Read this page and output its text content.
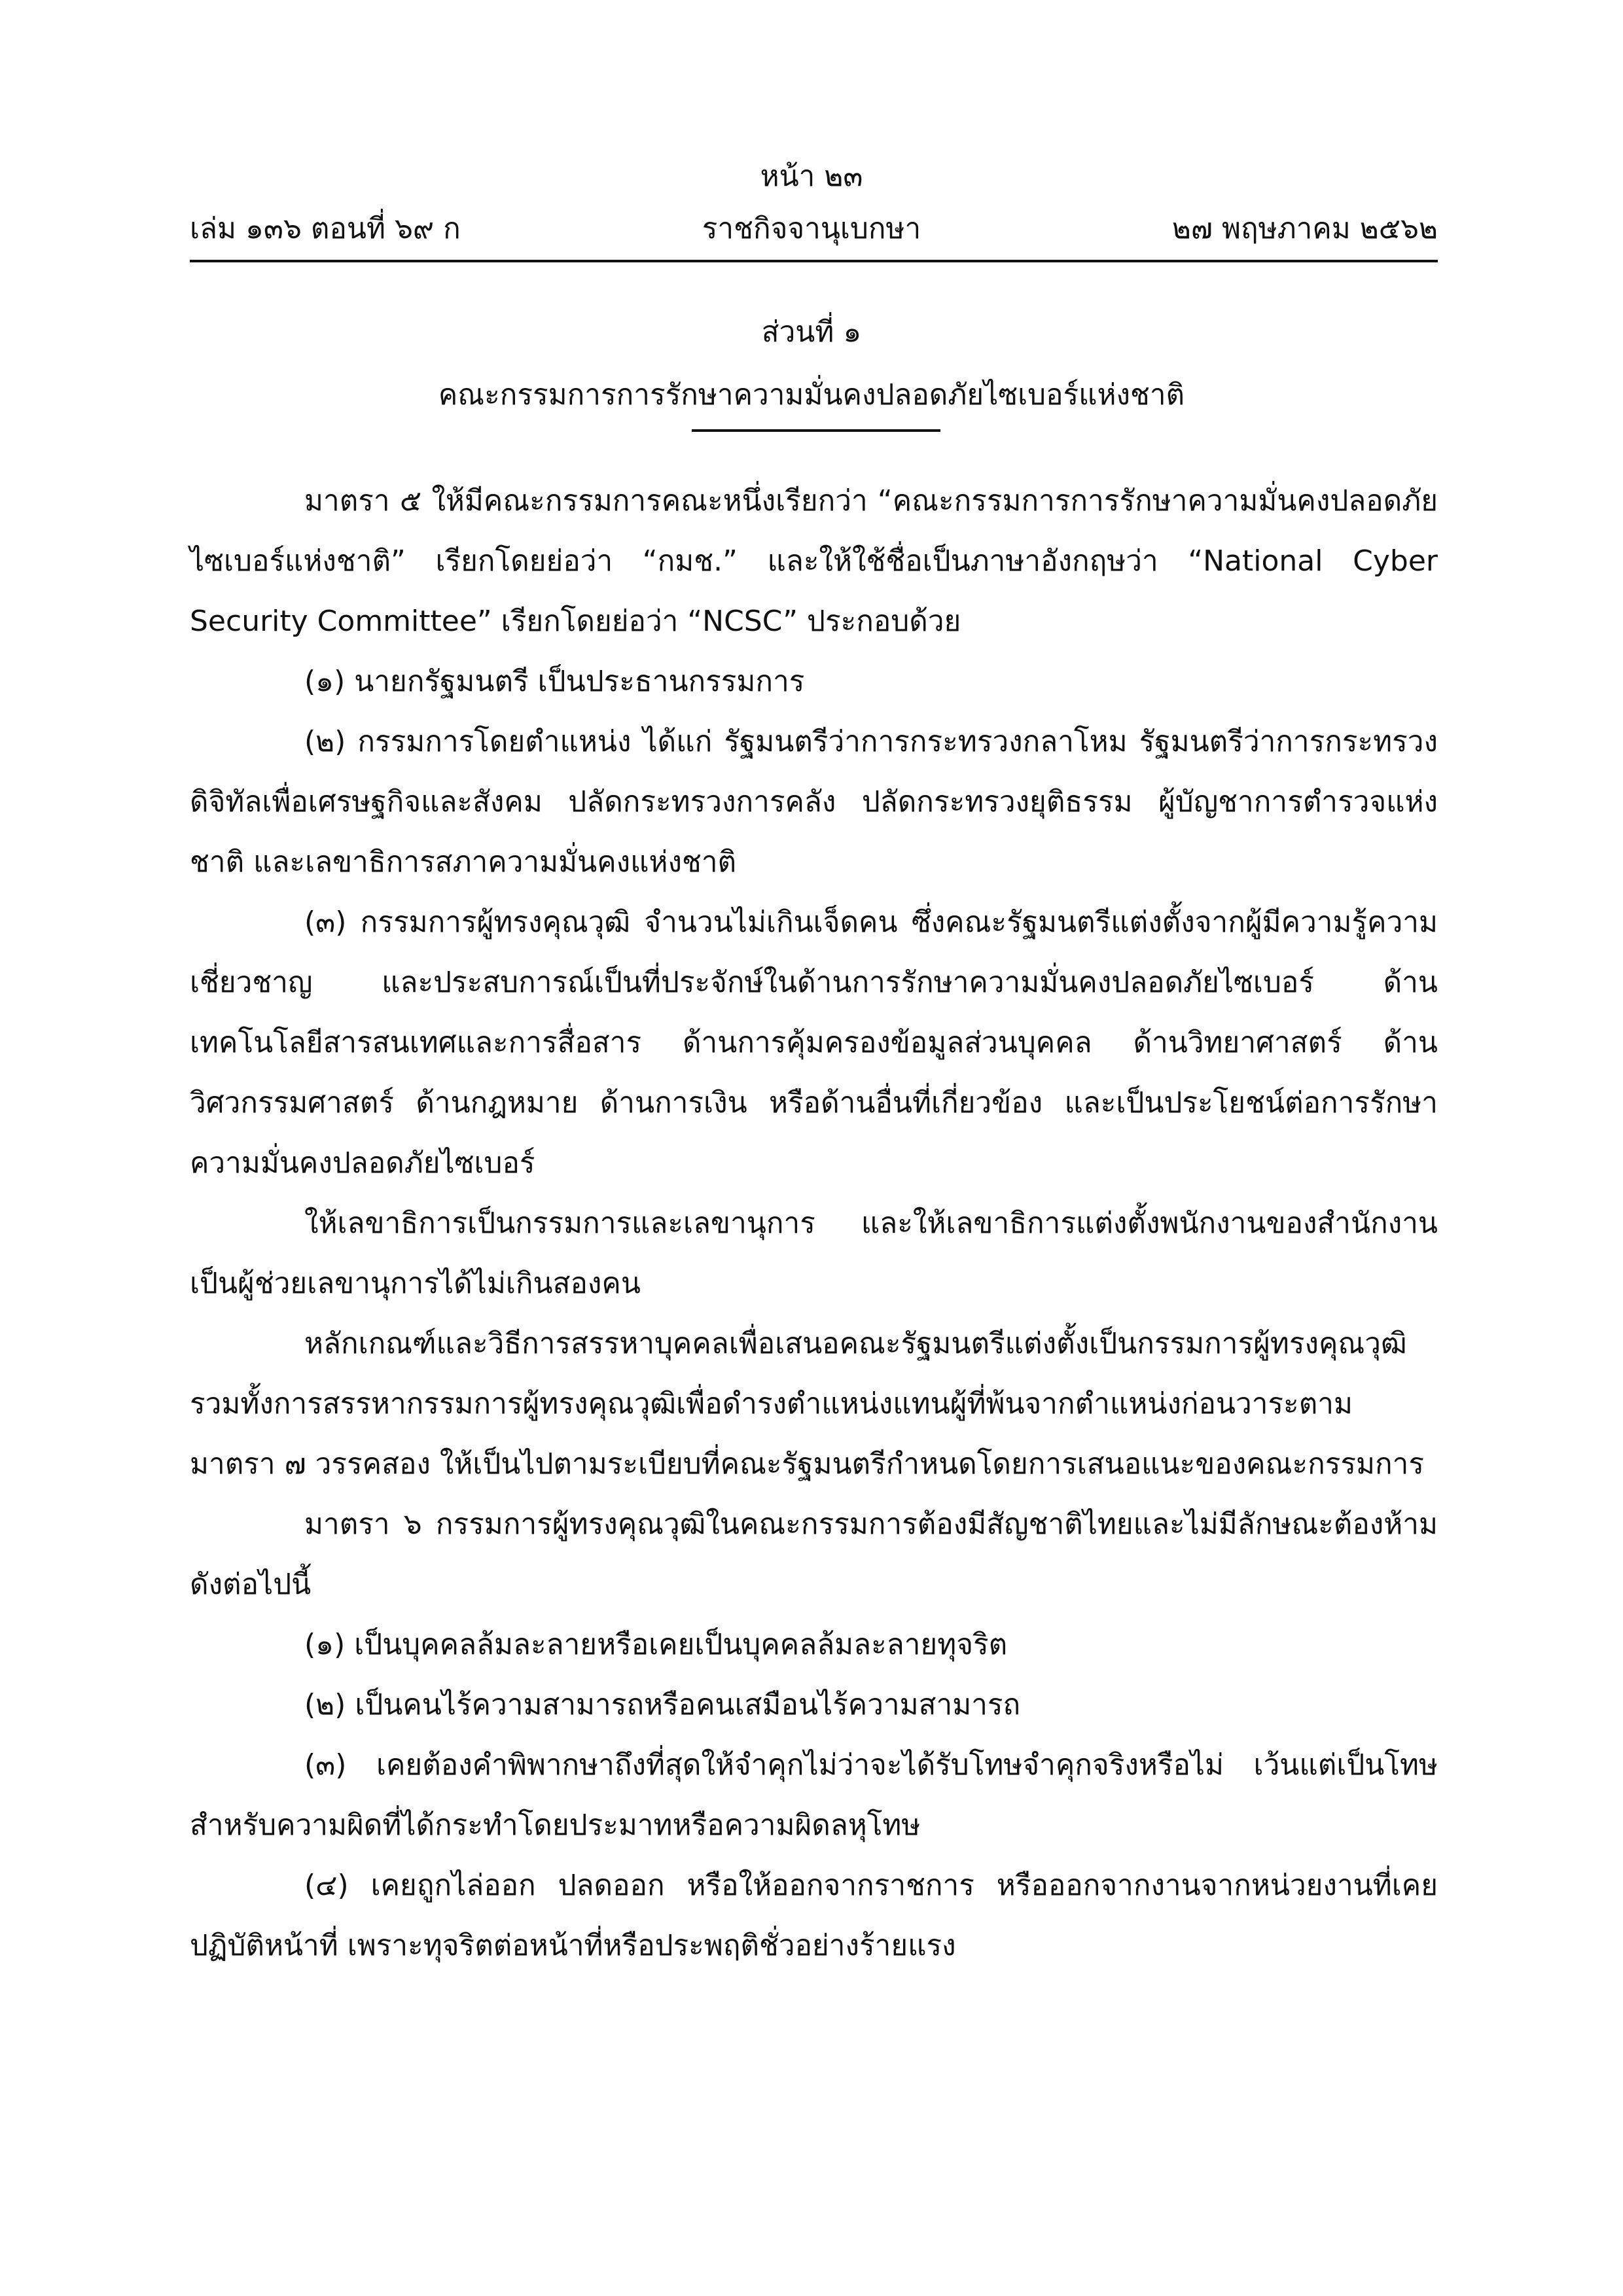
หน้า ๒๓
เล่ม ๑๓๖ ตอนที่ ๖๙ ก	ราชกิจจานุเบกษา	๒๗ พฤษภาคม ๒๕๖๒
ส่วนที่ ๑
คณะกรรมการการรักษาความมั่นคงปลอดภัยไซเบอร์แห่งชาติ

มาตรา ๕ ให้มีคณะกรรมการคณะหนึ่งเรียกว่า “คณะกรรมการการรักษาความมั่นคงปลอดภัยไซเบอร์แห่งชาติ” เรียกโดยย่อว่า “กมช.” และให้ใช้ชื่อเป็นภาษาอังกฤษว่า “National Cyber Security Committee” เรียกโดยย่อว่า “NCSC” ประกอบด้วย

(๑) นายกรัฐมนตรี เป็นประธานกรรมการ

(๒) กรรมการโดยตำแหน่ง ได้แก่ รัฐมนตรีว่าการกระทรวงกลาโหม รัฐมนตรีว่าการกระทรวงดิจิทัลเพื่อเศรษฐกิจและสังคม ปลัดกระทรวงการคลัง ปลัดกระทรวงยุติธรรม ผู้บัญชาการตำรวจแห่งชาติ และเลขาธิการสภาความมั่นคงแห่งชาติ

(๓) กรรมการผู้ทรงคุณวุฒิ จำนวนไม่เกินเจ็ดคน ซึ่งคณะรัฐมนตรีแต่งตั้งจากผู้มีความรู้ความเชี่ยวชาญ และประสบการณ์เป็นที่ประจักษ์ในด้านการรักษาความมั่นคงปลอดภัยไซเบอร์ ด้านเทคโนโลยีสารสนเทศและการสื่อสาร ด้านการคุ้มครองข้อมูลส่วนบุคคล ด้านวิทยาศาสตร์ ด้านวิศวกรรมศาสตร์ ด้านกฎหมาย ด้านการเงิน หรือด้านอื่นที่เกี่ยวข้อง และเป็นประโยชน์ต่อการรักษาความมั่นคงปลอดภัยไซเบอร์

ให้เลขาธิการเป็นกรรมการและเลขานุการ และให้เลขาธิการแต่งตั้งพนักงานของสำนักงานเป็นผู้ช่วยเลขานุการได้ไม่เกินสองคน

หลักเกณฑ์และวิธีการสรรหาบุคคลเพื่อเสนอคณะรัฐมนตรีแต่งตั้งเป็นกรรมการผู้ทรงคุณวุฒิ รวมทั้งการสรรหากรรมการผู้ทรงคุณวุฒิเพื่อดำรงตำแหน่งแทนผู้ที่พ้นจากตำแหน่งก่อนวาระตามมาตรา ๗ วรรคสอง ให้เป็นไปตามระเบียบที่คณะรัฐมนตรีกำหนดโดยการเสนอแนะของคณะกรรมการ

มาตรา ๖ กรรมการผู้ทรงคุณวุฒิในคณะกรรมการต้องมีสัญชาติไทยและไม่มีลักษณะต้องห้าม ดังต่อไปนี้

(๑) เป็นบุคคลล้มละลายหรือเคยเป็นบุคคลล้มละลายทุจริต

(๒) เป็นคนไร้ความสามารถหรือคนเสมือนไร้ความสามารถ

(๓) เคยต้องคำพิพากษาถึงที่สุดให้จำคุกไม่ว่าจะได้รับโทษจำคุกจริงหรือไม่ เว้นแต่เป็นโทษสำหรับความผิดที่ได้กระทำโดยประมาทหรือความผิดลหุโทษ

(๔) เคยถูกไล่ออก ปลดออก หรือให้ออกจากราชการ หรือออกจากงานจากหน่วยงานที่เคยปฏิบัติหน้าที่ เพราะทุจริตต่อหน้าที่หรือประพฤติชั่วอย่างร้ายแรง
